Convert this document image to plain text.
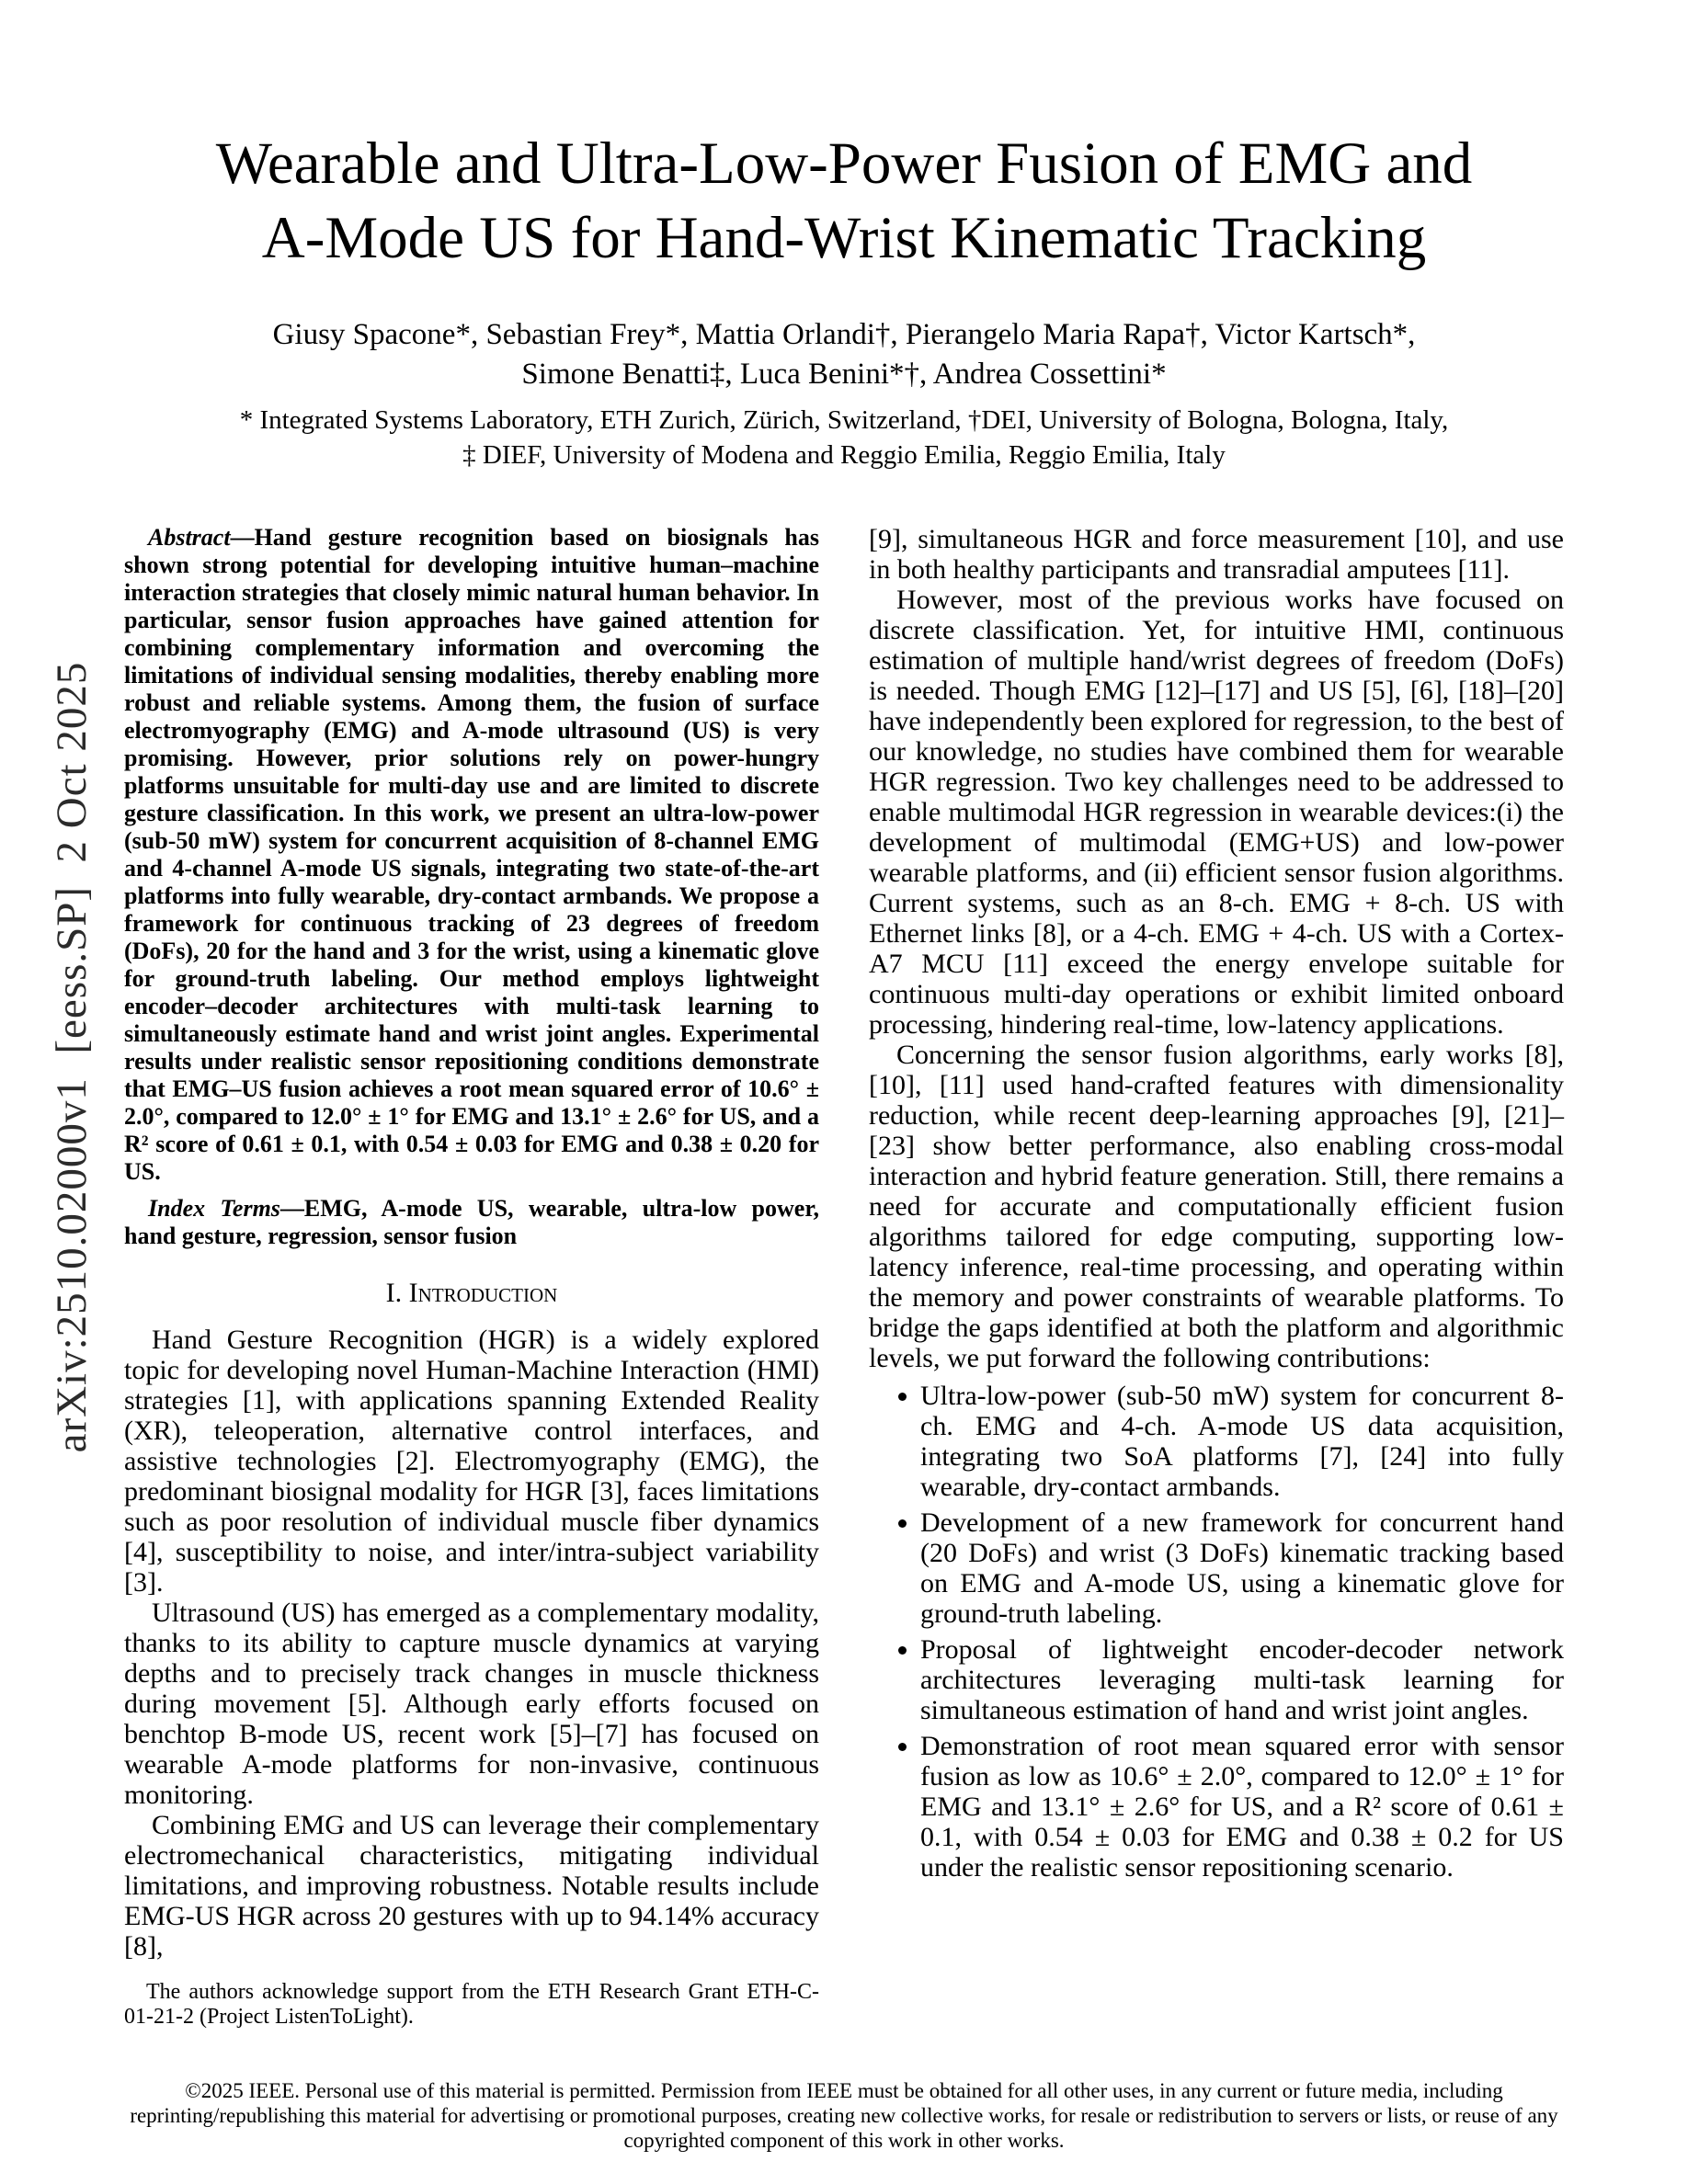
arXiv:2510.02000v1  [eess.SP]  2 Oct 2025
Wearable and Ultra-Low-Power Fusion of EMG and
A-Mode US for Hand-Wrist Kinematic Tracking
Giusy Spacone*, Sebastian Frey*, Mattia Orlandi†, Pierangelo Maria Rapa†, Victor Kartsch*,
Simone Benatti‡, Luca Benini*†, Andrea Cossettini*
* Integrated Systems Laboratory, ETH Zurich, Zürich, Switzerland, †DEI, University of Bologna, Bologna, Italy,
‡ DIEF, University of Modena and Reggio Emilia, Reggio Emilia, Italy

Abstract—Hand gesture recognition based on biosignals has shown strong potential for developing intuitive human–machine interaction strategies that closely mimic natural human behavior. In particular, sensor fusion approaches have gained attention for combining complementary information and overcoming the limitations of individual sensing modalities, thereby enabling more robust and reliable systems. Among them, the fusion of surface electromyography (EMG) and A-mode ultrasound (US) is very promising. However, prior solutions rely on power-hungry platforms unsuitable for multi-day use and are limited to discrete gesture classification. In this work, we present an ultra-low-power (sub-50 mW) system for concurrent acquisition of 8-channel EMG and 4-channel A-mode US signals, integrating two state-of-the-art platforms into fully wearable, dry-contact armbands. We propose a framework for continuous tracking of 23 degrees of freedom (DoFs), 20 for the hand and 3 for the wrist, using a kinematic glove for ground-truth labeling. Our method employs lightweight encoder–decoder architectures with multi-task learning to simultaneously estimate hand and wrist joint angles. Experimental results under realistic sensor repositioning conditions demonstrate that EMG–US fusion achieves a root mean squared error of 10.6° ± 2.0°, compared to 12.0° ± 1° for EMG and 13.1° ± 2.6° for US, and a R² score of 0.61 ± 0.1, with 0.54 ± 0.03 for EMG and 0.38 ± 0.20 for US.

Index Terms—EMG, A-mode US, wearable, ultra-low power, hand gesture, regression, sensor fusion

I. Introduction

Hand Gesture Recognition (HGR) is a widely explored topic for developing novel Human-Machine Interaction (HMI) strategies [1], with applications spanning Extended Reality (XR), teleoperation, alternative control interfaces, and assistive technologies [2]. Electromyography (EMG), the predominant biosignal modality for HGR [3], faces limitations such as poor resolution of individual muscle fiber dynamics [4], susceptibility to noise, and inter/intra-subject variability [3].

Ultrasound (US) has emerged as a complementary modality, thanks to its ability to capture muscle dynamics at varying depths and to precisely track changes in muscle thickness during movement [5]. Although early efforts focused on benchtop B-mode US, recent work [5]–[7] has focused on wearable A-mode platforms for non-invasive, continuous monitoring.

Combining EMG and US can leverage their complementary electromechanical characteristics, mitigating individual limitations, and improving robustness. Notable results include EMG-US HGR across 20 gestures with up to 94.14% accuracy [8],

The authors acknowledge support from the ETH Research Grant ETH-C-01-21-2 (Project ListenToLight).

[9], simultaneous HGR and force measurement [10], and use in both healthy participants and transradial amputees [11].

However, most of the previous works have focused on discrete classification. Yet, for intuitive HMI, continuous estimation of multiple hand/wrist degrees of freedom (DoFs) is needed. Though EMG [12]–[17] and US [5], [6], [18]–[20] have independently been explored for regression, to the best of our knowledge, no studies have combined them for wearable HGR regression. Two key challenges need to be addressed to enable multimodal HGR regression in wearable devices:(i) the development of multimodal (EMG+US) and low-power wearable platforms, and (ii) efficient sensor fusion algorithms. Current systems, such as an 8-ch. EMG + 8-ch. US with Ethernet links [8], or a 4-ch. EMG + 4-ch. US with a Cortex-A7 MCU [11] exceed the energy envelope suitable for continuous multi-day operations or exhibit limited onboard processing, hindering real-time, low-latency applications.

Concerning the sensor fusion algorithms, early works [8], [10], [11] used hand-crafted features with dimensionality reduction, while recent deep-learning approaches [9], [21]–[23] show better performance, also enabling cross-modal interaction and hybrid feature generation. Still, there remains a need for accurate and computationally efficient fusion algorithms tailored for edge computing, supporting low-latency inference, real-time processing, and operating within the memory and power constraints of wearable platforms. To bridge the gaps identified at both the platform and algorithmic levels, we put forward the following contributions:

• Ultra-low-power (sub-50 mW) system for concurrent 8-ch. EMG and 4-ch. A-mode US data acquisition, integrating two SoA platforms [7], [24] into fully wearable, dry-contact armbands.
• Development of a new framework for concurrent hand (20 DoFs) and wrist (3 DoFs) kinematic tracking based on EMG and A-mode US, using a kinematic glove for ground-truth labeling.
• Proposal of lightweight encoder-decoder network architectures leveraging multi-task learning for simultaneous estimation of hand and wrist joint angles.
• Demonstration of root mean squared error with sensor fusion as low as 10.6° ± 2.0°, compared to 12.0° ± 1° for EMG and 13.1° ± 2.6° for US, and a R² score of 0.61 ± 0.1, with 0.54 ± 0.03 for EMG and 0.38 ± 0.2 for US under the realistic sensor repositioning scenario.
©2025 IEEE. Personal use of this material is permitted. Permission from IEEE must be obtained for all other uses, in any current or future media, including reprinting/republishing this material for advertising or promotional purposes, creating new collective works, for resale or redistribution to servers or lists, or reuse of any copyrighted component of this work in other works.
